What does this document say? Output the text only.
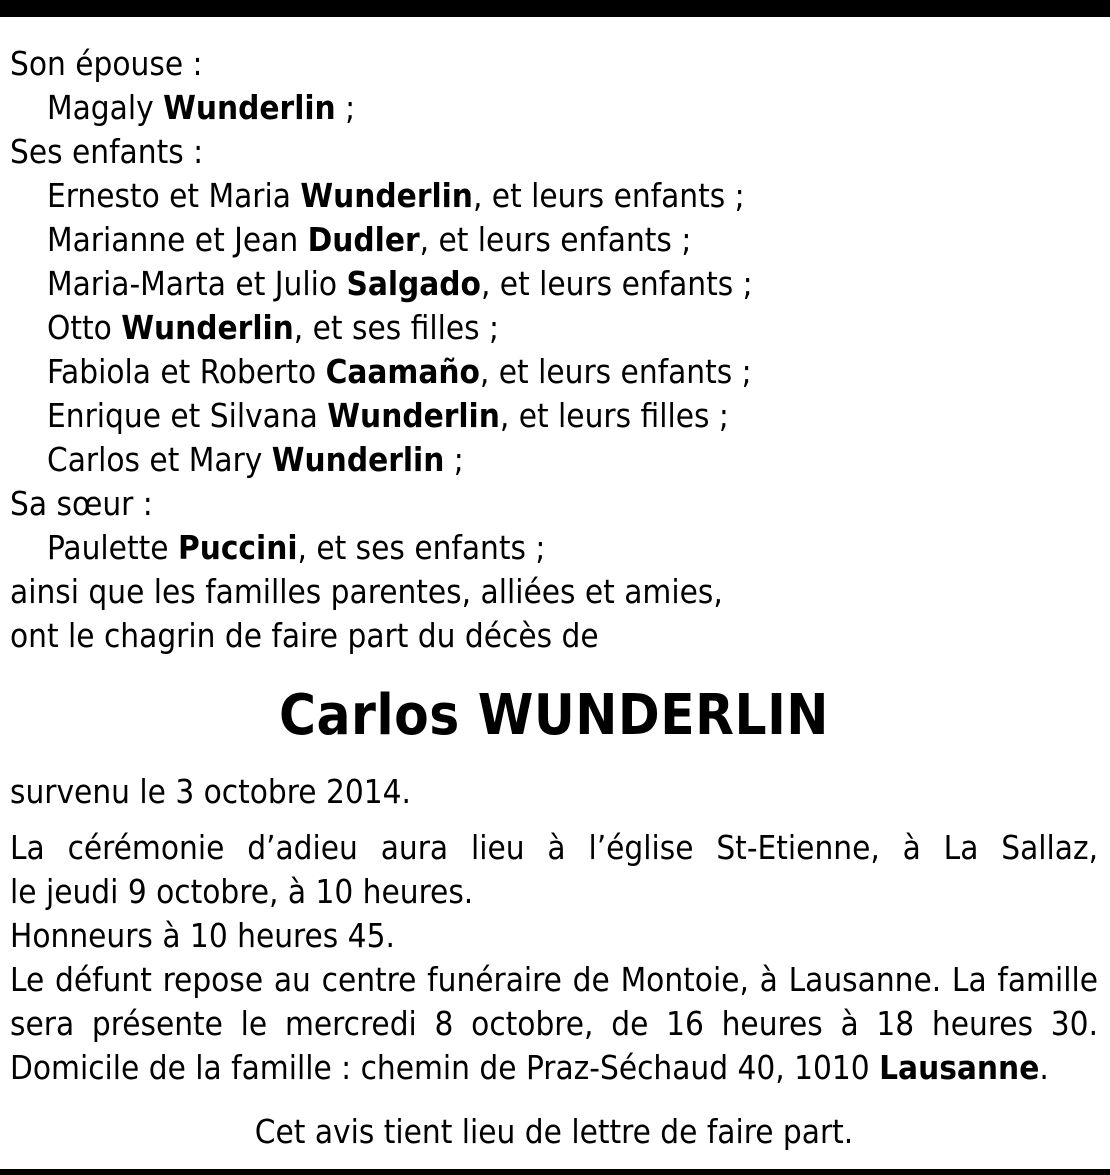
Son épouse :
Magaly Wunderlin ;
Ses enfants :
Ernesto et Maria Wunderlin, et leurs enfants ;
Marianne et Jean Dudler, et leurs enfants ;
Maria-Marta et Julio Salgado, et leurs enfants ;
Otto Wunderlin, et ses filles ;
Fabiola et Roberto Caamaño, et leurs enfants ;
Enrique et Silvana Wunderlin, et leurs filles ;
Carlos et Mary Wunderlin ;
Sa sœur :
Paulette Puccini, et ses enfants ;
ainsi que les familles parentes, alliées et amies,
ont le chagrin de faire part du décès de
Carlos WUNDERLIN
survenu le 3 octobre 2014.
La cérémonie d’adieu aura lieu à l’église St-Etienne, à La Sallaz,
le jeudi 9 octobre, à 10 heures.
Honneurs à 10 heures 45.
Le défunt repose au centre funéraire de Montoie, à Lausanne. La famille
sera présente le mercredi 8 octobre, de 16 heures à 18 heures 30.
Domicile de la famille : chemin de Praz-Séchaud 40, 1010 Lausanne.
Cet avis tient lieu de lettre de faire part.
